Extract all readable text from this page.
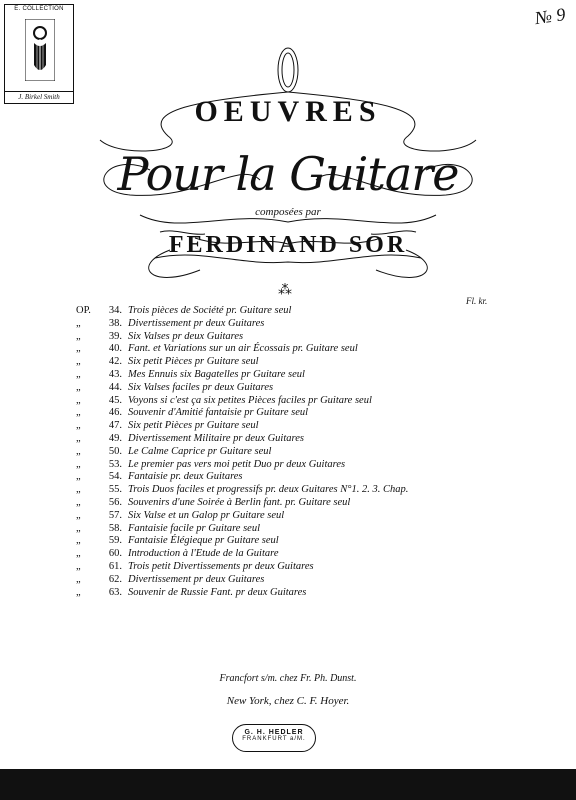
E. COLLECTION
J. Birkel Smith
№ 9
OEUVRES
Pour la Guitare
composées par
FERDINAND SOR
⁂
Fl. kr.
OP.	34. Trois pièces de Société pr. Guitare seul
„	38. Divertissement pr deux Guitares
„	39. Six Valses pr deux Guitares
„	40. Fant. et Variations sur un air Écossais pr. Guitare seul
„	42. Six petit Pièces pr Guitare seul
„	43. Mes Ennuis six Bagatelles pr Guitare seul
„	44. Six Valses faciles pr deux Guitares
„	45. Voyons si c'est ça six petites Pièces faciles pr Guitare seul
„	46. Souvenir d'Amitié fantaisie pr Guitare seul
„	47. Six petit Pièces pr Guitare seul
„	49. Divertissement Militaire pr deux Guitares
„	50. Le Calme Caprice pr Guitare seul
„	53. Le premier pas vers moi petit Duo pr deux Guitares
„	54. Fantaisie pr. deux Guitares
„	55. Trois Duos faciles et progressifs pr. deux Guitares N°1. 2. 3. Chap.
„	56. Souvenirs d'une Soirée à Berlin fant. pr. Guitare seul
„	57. Six Valse et un Galop pr Guitare seul
„	58. Fantaisie facile pr Guitare seul
„	59. Fantaisie Élégieque pr Guitare seul
„	60. Introduction à l'Etude de la Guitare
„	61. Trois petit Divertissements pr deux Guitares
„	62. Divertissement pr deux Guitares
„	63. Souvenir de Russie Fant. pr deux Guitares
Francfort s/m. chez Fr. Ph. Dunst.
New York, chez C. F. Hoyer.
G. H. HEDLER
FRANKFURT a/M.
